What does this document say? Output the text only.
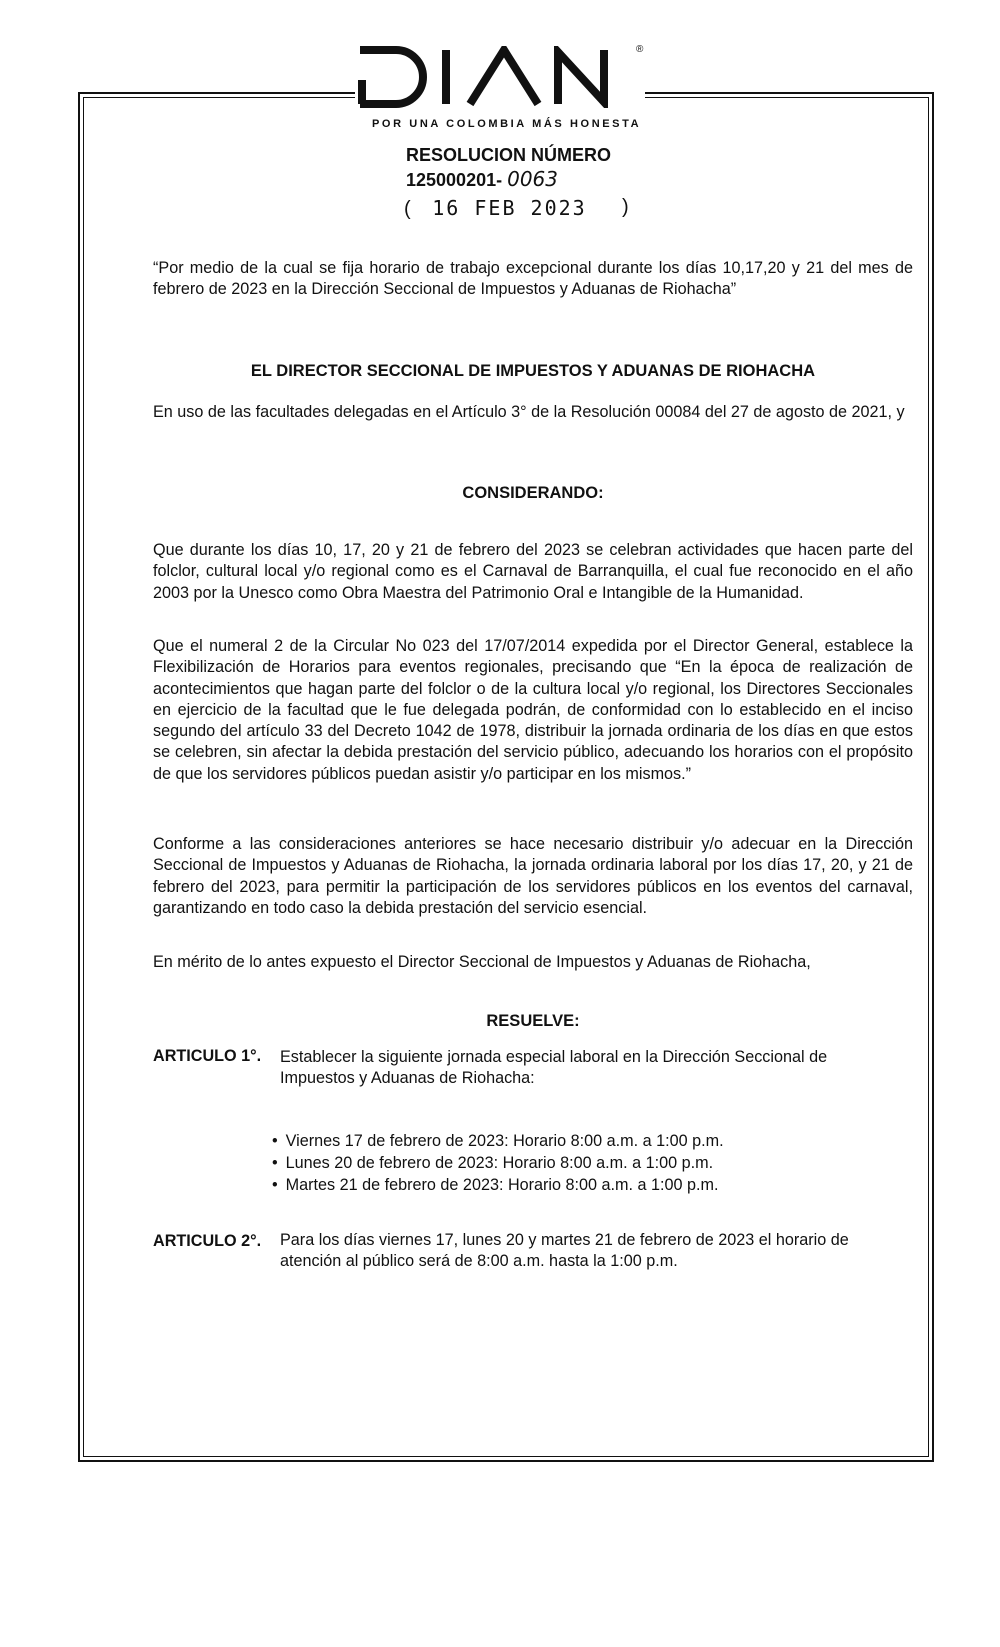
®
POR UNA COLOMBIA MÁS HONESTA
RESOLUCION NÚMERO
125000201- 0063
( 16 FEB 2023 )

“Por medio de la cual se fija horario de trabajo excepcional durante los días 10,17,20 y 21 del mes de febrero de 2023 en la Dirección Seccional de Impuestos y Aduanas de Riohacha”

EL DIRECTOR SECCIONAL DE IMPUESTOS Y ADUANAS DE RIOHACHA

En uso de las facultades delegadas en el Artículo 3° de la Resolución 00084 del 27 de agosto de 2021, y

CONSIDERANDO:

Que durante los días 10, 17, 20 y 21 de febrero del 2023 se celebran actividades que hacen parte del folclor, cultural local y/o regional como es el Carnaval de Barranquilla, el cual fue reconocido en el año 2003 por la Unesco como Obra Maestra del Patrimonio Oral e Intangible de la Humanidad.

Que el numeral 2 de la Circular No 023 del 17/07/2014 expedida por el Director General, establece la Flexibilización de Horarios para eventos regionales, precisando que “En la época de realización de acontecimientos que hagan parte del folclor o de la cultura local y/o regional, los Directores Seccionales en ejercicio de la facultad que le fue delegada podrán, de conformidad con lo establecido en el inciso segundo del artículo 33 del Decreto 1042 de 1978, distribuir la jornada ordinaria de los días en que estos se celebren, sin afectar la debida prestación del servicio público, adecuando los horarios con el propósito de que los servidores públicos puedan asistir y/o participar en los mismos.”

Conforme a las consideraciones anteriores se hace necesario distribuir y/o adecuar en la Dirección Seccional de Impuestos y Aduanas de Riohacha, la jornada ordinaria laboral por los días 17, 20, y 21 de febrero del 2023, para permitir la participación de los servidores públicos en los eventos del carnaval, garantizando en todo caso la debida prestación del servicio esencial.

En mérito de lo antes expuesto el Director Seccional de Impuestos y Aduanas de Riohacha,

RESUELVE:

ARTICULO 1°. Establecer la siguiente jornada especial laboral en la Dirección Seccional de Impuestos y Aduanas de Riohacha:

• Viernes 17 de febrero de 2023: Horario 8:00 a.m. a 1:00 p.m.
• Lunes 20 de febrero de 2023: Horario 8:00 a.m. a 1:00 p.m.
• Martes 21 de febrero de 2023: Horario 8:00 a.m. a 1:00 p.m.
ARTICULO 2°. Para los días viernes 17, lunes 20 y martes 21 de febrero de 2023 el horario de atención al público será de 8:00 a.m. hasta la 1:00 p.m.
